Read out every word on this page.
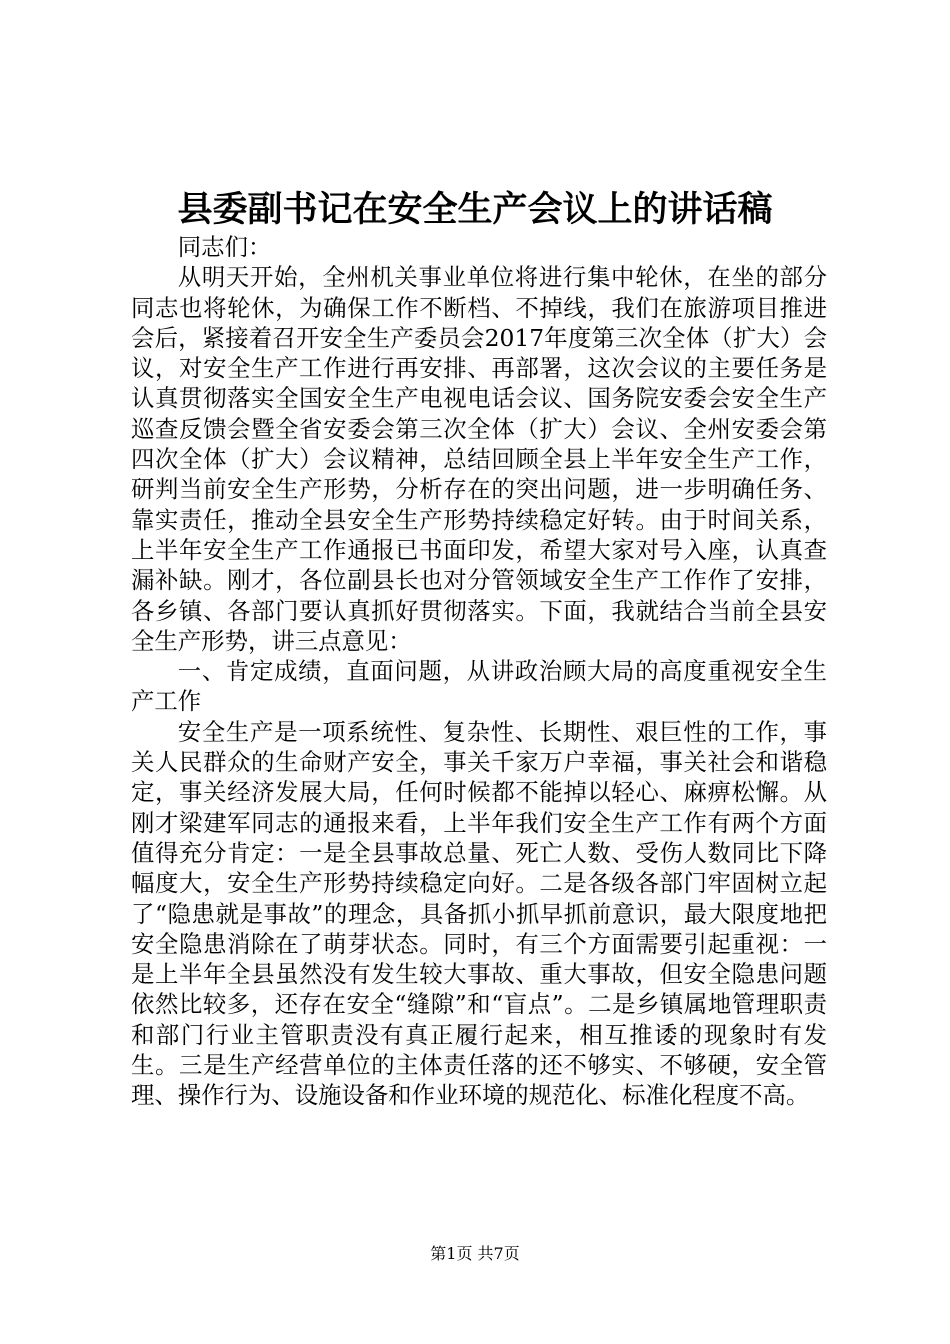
县委副书记在安全生产会议上的讲话稿

同志们：

从明天开始，全州机关事业单位将进行集中轮休，在坐的部分同志也将轮休，为确保工作不断档、不掉线，我们在旅游项目推进会后，紧接着召开安全生产委员会2017年度第三次全体（扩大）会议，对安全生产工作进行再安排、再部署，这次会议的主要任务是认真贯彻落实全国安全生产电视电话会议、国务院安委会安全生产巡查反馈会暨全省安委会第三次全体（扩大）会议、全州安委会第四次全体（扩大）会议精神，总结回顾全县上半年安全生产工作，研判当前安全生产形势，分析存在的突出问题，进一步明确任务、靠实责任，推动全县安全生产形势持续稳定好转。由于时间关系，上半年安全生产工作通报已书面印发，希望大家对号入座，认真查漏补缺。刚才，各位副县长也对分管领域安全生产工作作了安排，各乡镇、各部门要认真抓好贯彻落实。下面，我就结合当前全县安全生产形势，讲三点意见：

一、肯定成绩，直面问题，从讲政治顾大局的高度重视安全生产工作

安全生产是一项系统性、复杂性、长期性、艰巨性的工作，事关人民群众的生命财产安全，事关千家万户幸福，事关社会和谐稳定，事关经济发展大局，任何时候都不能掉以轻心、麻痹松懈。从刚才梁建军同志的通报来看，上半年我们安全生产工作有两个方面值得充分肯定：一是全县事故总量、死亡人数、受伤人数同比下降幅度大，安全生产形势持续稳定向好。二是各级各部门牢固树立起了“隐患就是事故”的理念，具备抓小抓早抓前意识，最大限度地把安全隐患消除在了萌芽状态。同时，有三个方面需要引起重视：一是上半年全县虽然没有发生较大事故、重大事故，但安全隐患问题依然比较多，还存在安全“缝隙”和“盲点”。二是乡镇属地管理职责和部门行业主管职责没有真正履行起来，相互推诿的现象时有发生。三是生产经营单位的主体责任落的还不够实、不够硬，安全管理、操作行为、设施设备和作业环境的规范化、标准化程度不高。

第1页 共7页
